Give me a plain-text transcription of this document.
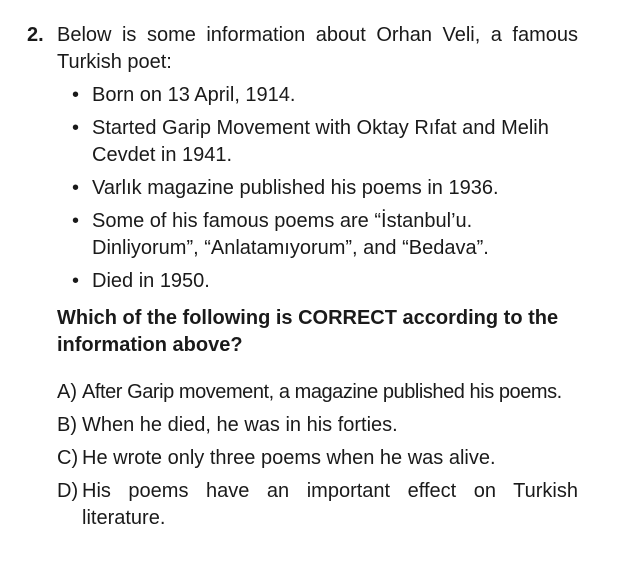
2. Below is some information about Orhan Veli, a famous Turkish poet:
• Born on 13 April, 1914.
• Started Garip Movement with Oktay Rıfat and Melih Cevdet in 1941.
• Varlık magazine published his poems in 1936.
• Some of his famous poems are “İstanbul’u. Dinliyorum”, “Anlatamıyorum”, and “Bedava”.
• Died in 1950.
Which of the following is CORRECT according to the information above?
A) After Garip movement, a magazine published his poems.
B) When he died, he was in his forties.
C) He wrote only three poems when he was alive.
D) His poems have an important effect on Turkish literature.
